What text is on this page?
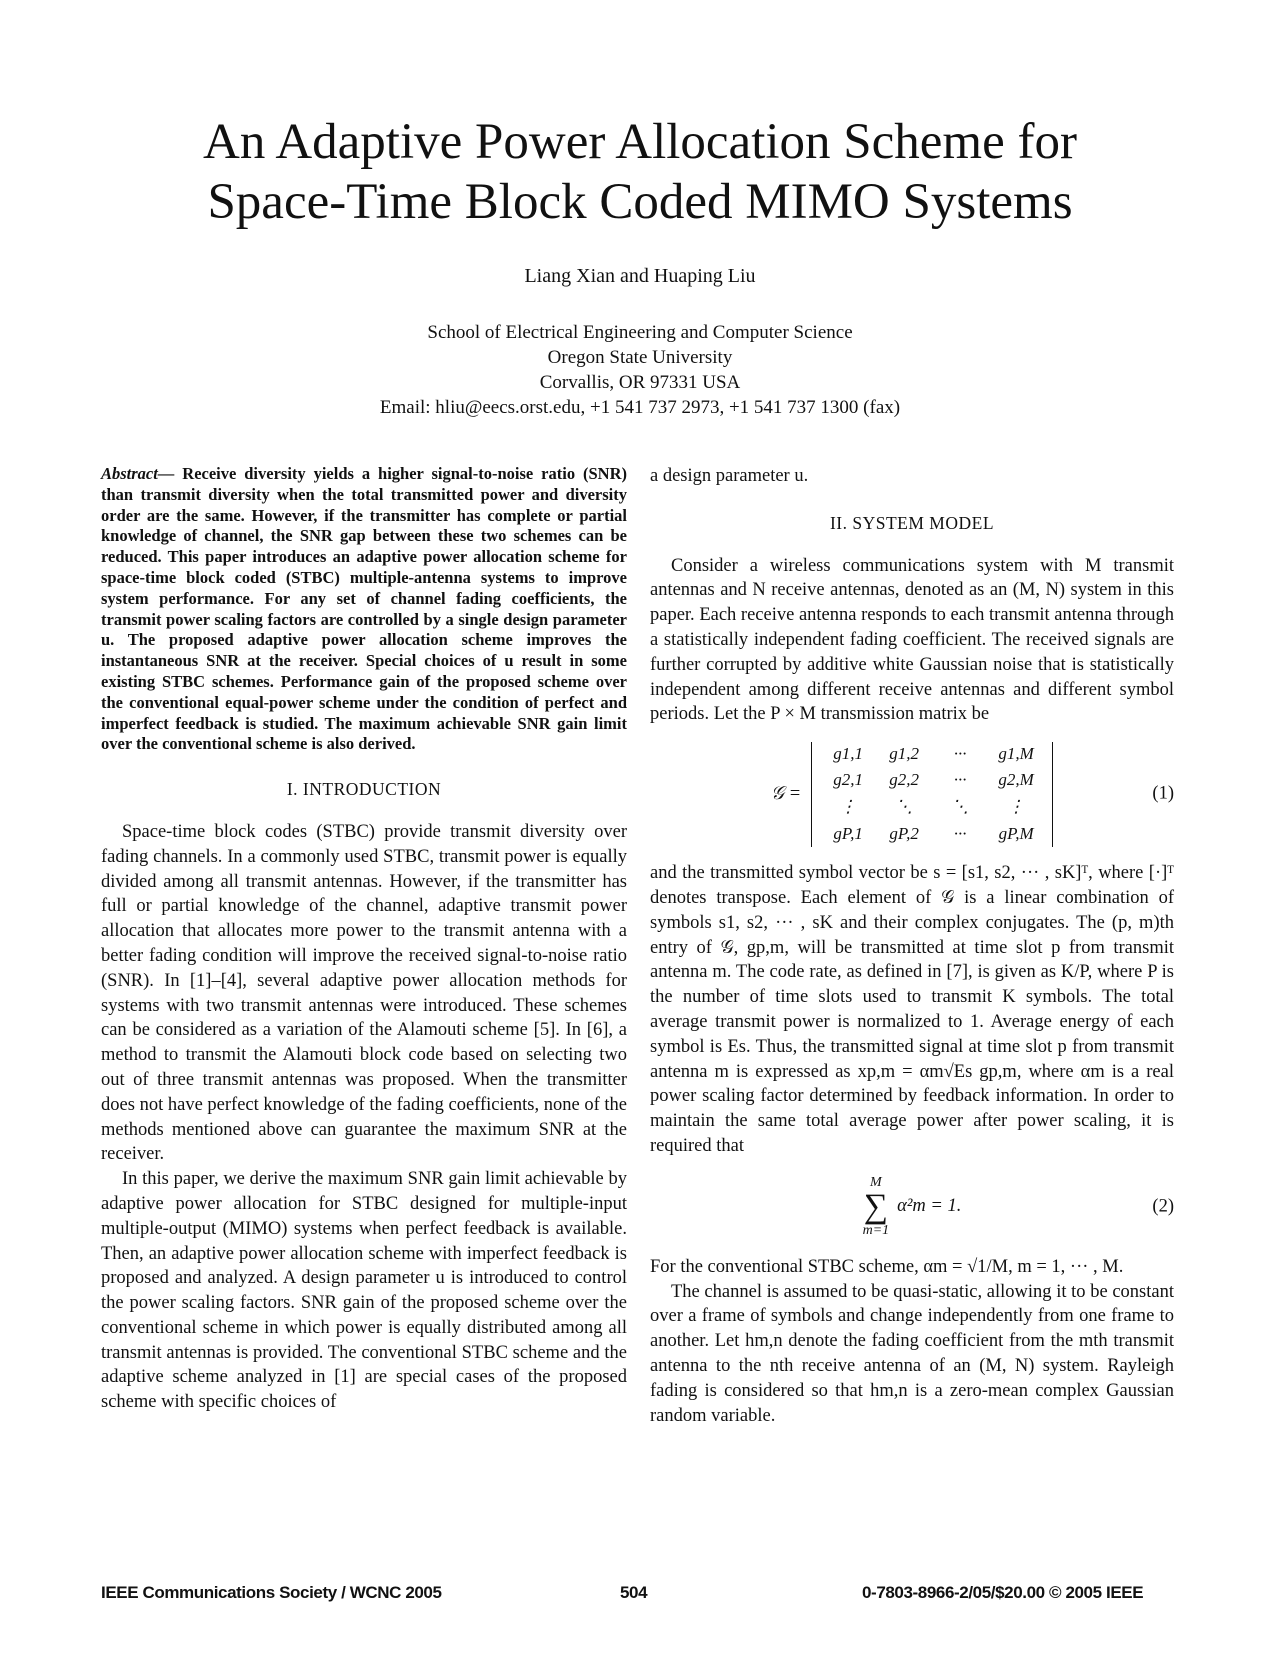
An Adaptive Power Allocation Scheme for
Space-Time Block Coded MIMO Systems
Liang Xian and Huaping Liu
School of Electrical Engineering and Computer Science
Oregon State University
Corvallis, OR 97331 USA
Email: hliu@eecs.orst.edu, +1 541 737 2973, +1 541 737 1300 (fax)

Abstract— Receive diversity yields a higher signal-to-noise ratio (SNR) than transmit diversity when the total transmitted power and diversity order are the same. However, if the transmitter has complete or partial knowledge of channel, the SNR gap between these two schemes can be reduced. This paper introduces an adaptive power allocation scheme for space-time block coded (STBC) multiple-antenna systems to improve system performance. For any set of channel fading coefficients, the transmit power scaling factors are controlled by a single design parameter u. The proposed adaptive power allocation scheme improves the instantaneous SNR at the receiver. Special choices of u result in some existing STBC schemes. Performance gain of the proposed scheme over the conventional equal-power scheme under the condition of perfect and imperfect feedback is studied. The maximum achievable SNR gain limit over the conventional scheme is also derived.

I. INTRODUCTION

Space-time block codes (STBC) provide transmit diversity over fading channels. In a commonly used STBC, transmit power is equally divided among all transmit antennas. However, if the transmitter has full or partial knowledge of the channel, adaptive transmit power allocation that allocates more power to the transmit antenna with a better fading condition will improve the received signal-to-noise ratio (SNR). In [1]–[4], several adaptive power allocation methods for systems with two transmit antennas were introduced. These schemes can be considered as a variation of the Alamouti scheme [5]. In [6], a method to transmit the Alamouti block code based on selecting two out of three transmit antennas was proposed. When the transmitter does not have perfect knowledge of the fading coefficients, none of the methods mentioned above can guarantee the maximum SNR at the receiver.

In this paper, we derive the maximum SNR gain limit achievable by adaptive power allocation for STBC designed for multiple-input multiple-output (MIMO) systems when perfect feedback is available. Then, an adaptive power allocation scheme with imperfect feedback is proposed and analyzed. A design parameter u is introduced to control the power scaling factors. SNR gain of the proposed scheme over the conventional scheme in which power is equally distributed among all transmit antennas is provided. The conventional STBC scheme and the adaptive scheme analyzed in [1] are special cases of the proposed scheme with specific choices of

a design parameter u.

II. SYSTEM MODEL

Consider a wireless communications system with M transmit antennas and N receive antennas, denoted as an (M, N) system in this paper. Each receive antenna responds to each transmit antenna through a statistically independent fading coefficient. The received signals are further corrupted by additive white Gaussian noise that is statistically independent among different receive antennas and different symbol periods. Let the P × M transmission matrix be

𝒢 =
g1,1	g1,2	···	g1,M
g2,1	g2,2	···	g2,M
⋮	⋱	⋱	⋮
gP,1	gP,2	···	gP,M
(1)

and the transmitted symbol vector be s = [s1, s2, ··· , sK]ᵀ, where [·]ᵀ denotes transpose. Each element of 𝒢 is a linear combination of symbols s1, s2, ··· , sK and their complex conjugates. The (p, m)th entry of 𝒢, gp,m, will be transmitted at time slot p from transmit antenna m. The code rate, as defined in [7], is given as K/P, where P is the number of time slots used to transmit K symbols. The total average transmit power is normalized to 1. Average energy of each symbol is Es. Thus, the transmitted signal at time slot p from transmit antenna m is expressed as xp,m = αm√Es gp,m, where αm is a real power scaling factor determined by feedback information. In order to maintain the same total average power after power scaling, it is required that

M
∑
m=1
α²m = 1.	(2)

For the conventional STBC scheme, αm = √1/M, m = 1, ··· , M.

The channel is assumed to be quasi-static, allowing it to be constant over a frame of symbols and change independently from one frame to another. Let hm,n denote the fading coefficient from the mth transmit antenna to the nth receive antenna of an (M, N) system. Rayleigh fading is considered so that hm,n is a zero-mean complex Gaussian random variable.

IEEE Communications Society / WCNC 2005	504	0-7803-8966-2/05/$20.00 © 2005 IEEE
